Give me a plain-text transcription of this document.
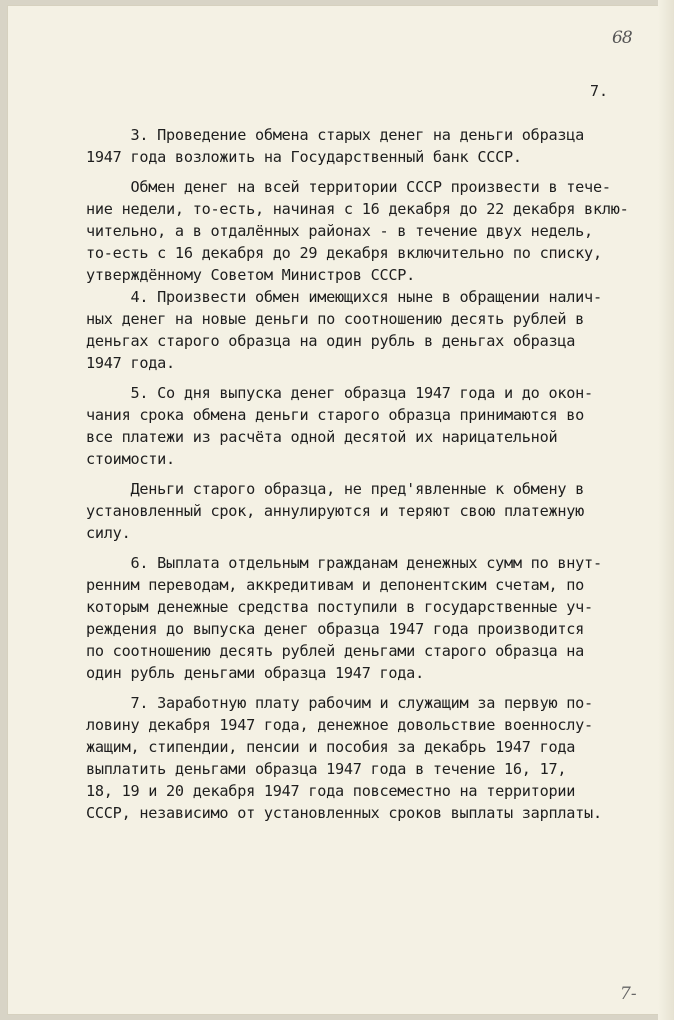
68
7.
3. Проведение обмена старых денег на деньги образца
1947 года возложить на Государственный банк СССР.
Обмен денег на всей территории СССР произвести в тече-
ние недели, то-есть, начиная с 16 декабря до 22 декабря вклю-
чительно, а в отдалённых районах - в течение двух недель,
то-есть с 16 декабря до 29 декабря включительно по списку,
утверждённому Советом Министров СССР.
4. Произвести обмен имеющихся ныне в обращении налич-
ных денег на новые деньги по соотношению десять рублей в
деньгах старого образца на один рубль в деньгах образца
1947 года.
5. Со дня выпуска денег образца 1947 года и до окон-
чания срока обмена деньги старого образца принимаются во
все платежи из расчёта одной десятой их нарицательной
стоимости.
Деньги старого образца, не пред'явленные к обмену в
установленный срок, аннулируются и теряют свою платежную
силу.
6. Выплата отдельным гражданам денежных сумм по внут-
ренним переводам, аккредитивам и депонентским счетам, по
которым денежные средства поступили в государственные уч-
реждения до выпуска денег образца 1947 года производится
по соотношению десять рублей деньгами старого образца на
один рубль деньгами образца 1947 года.
7. Заработную плату рабочим и служащим за первую по-
ловину декабря 1947 года, денежное довольствие военнослу-
жащим, стипендии, пенсии и пособия за декабрь 1947 года
выплатить деньгами образца 1947 года в течение 16, 17,
18, 19 и 20 декабря 1947 года повсеместно на территории
СССР, независимо от установленных сроков выплаты зарплаты.
7-
